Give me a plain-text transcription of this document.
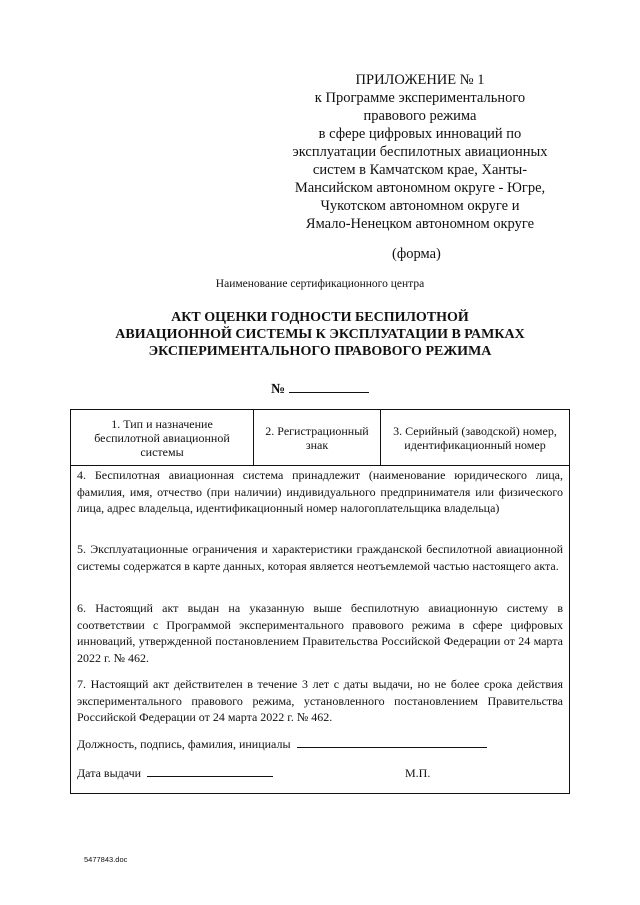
ПРИЛОЖЕНИЕ № 1
к Программе экспериментального
правового режима
в сфере цифровых инноваций по
эксплуатации беспилотных авиационных
систем в Камчатском крае, Ханты-
Мансийском автономном округе - Югре,
Чукотском автономном округе и
Ямало-Ненецком автономном округе
(форма)
Наименование сертификационного центра
АКТ ОЦЕНКИ ГОДНОСТИ БЕСПИЛОТНОЙ
АВИАЦИОННОЙ СИСТЕМЫ К ЭКСПЛУАТАЦИИ В РАМКАХ
ЭКСПЕРИМЕНТАЛЬНОГО ПРАВОВОГО РЕЖИМА
№
1. Тип и назначение беспилотной авиационной системы
2. Регистрационный знак
3. Серийный (заводской) номер, идентификационный номер
4. Беспилотная авиационная система принадлежит (наименование юридического лица, фамилия, имя, отчество (при наличии) индивидуального предпринимателя или физического лица, адрес владельца, идентификационный номер налогоплательщика владельца)
5. Эксплуатационные ограничения и характеристики гражданской беспилотной авиационной системы содержатся в карте данных, которая является неотъемлемой частью настоящего акта.
6. Настоящий акт выдан на указанную выше беспилотную авиационную систему в соответствии с Программой экспериментального правового режима в сфере цифровых инноваций, утвержденной постановлением Правительства Российской Федерации от 24 марта 2022 г. № 462.
7. Настоящий акт действителен в течение 3 лет с даты выдачи, но не более срока действия экспериментального правового режима, установленного постановлением Правительства Российской Федерации от 24 марта 2022 г. № 462.
Должность, подпись, фамилия, инициалы
Дата выдачи	М.П.
5477843.doc
